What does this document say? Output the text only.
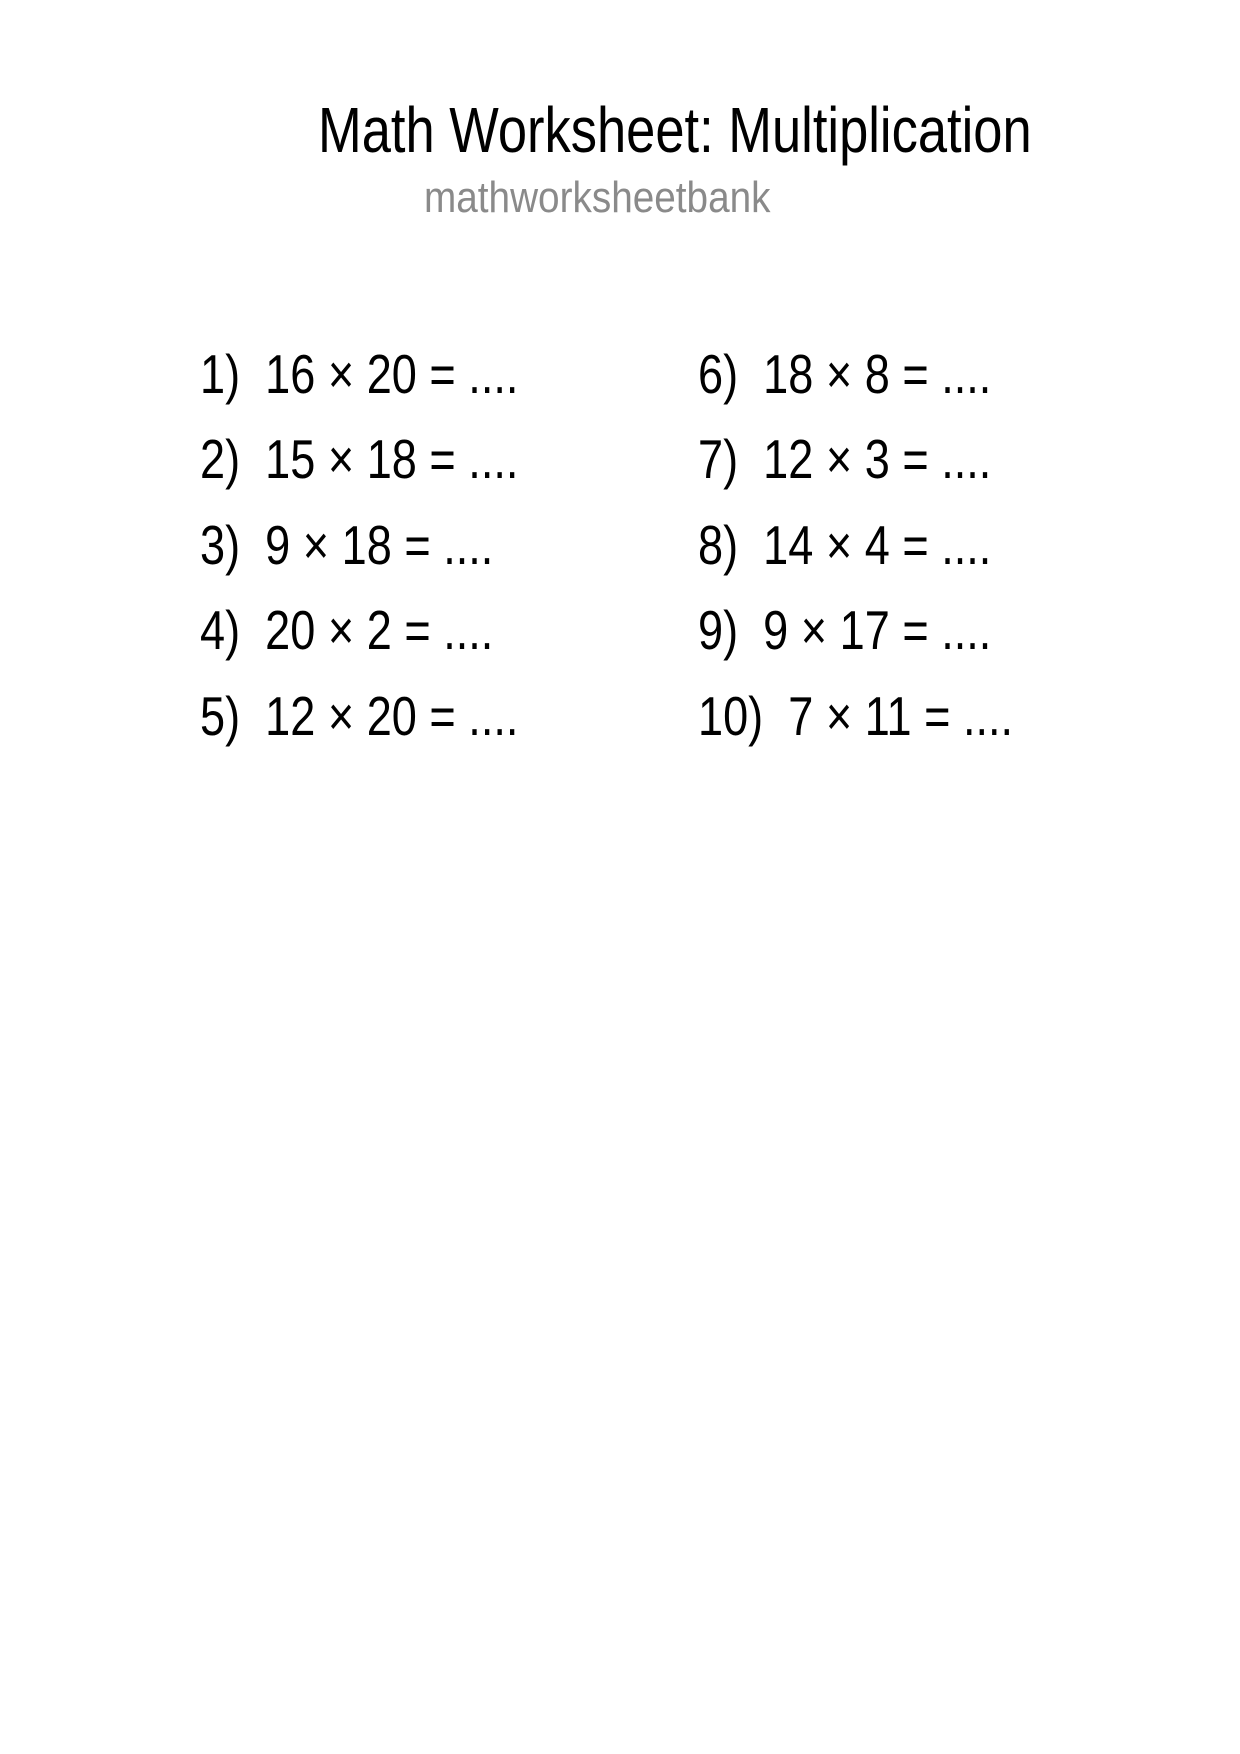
Math Worksheet: Multiplication
mathworksheetbank
1)  16 × 20 = ....
2)  15 × 18 = ....
3)  9 × 18 = ....
4)  20 × 2 = ....
5)  12 × 20 = ....
6)  18 × 8 = ....
7)  12 × 3 = ....
8)  14 × 4 = ....
9)  9 × 17 = ....
10)  7 × 11 = ....
